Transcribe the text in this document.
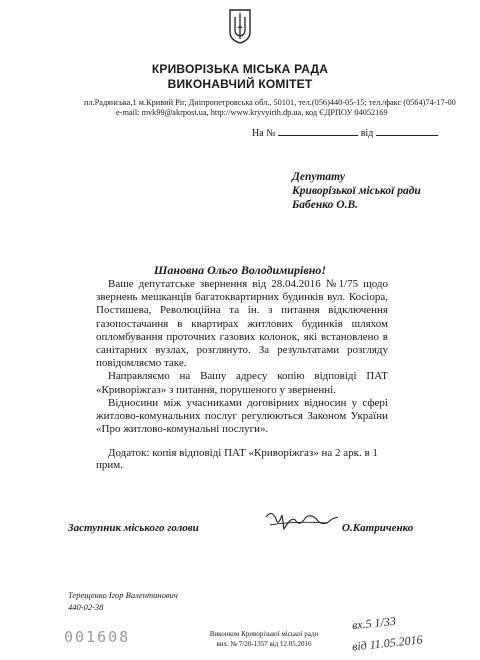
КРИВОРІЗЬКА МІСЬКА РАДА
ВИКОНАВЧИЙ КОМІТЕТ
пл.Радянська,1 м.Кривий Ріг, Дніпропетровська обл., 50101, тел.(056)440-05-15; тел./факс (0564)74-17-00
e-mail: mvk99@akrpost.ua, http://www.kryvyirih.dp.ua, код ЄДРПОУ 04052169
На №	від
Депутату
Криворізької міської ради
Бабенко О.В.
Шановна Ольго Володимирівно!

Ваше депутатське звернення від 28.04.2016 №1/75 щодо звернень мешканців багатоквартирних будинків вул. Косіора, Постишева, Революційна та ін. з питання відключення газопостачання в квартирах житлових будинків шляхом опломбування проточних газових колонок, які встановлено в санітарних вузлах, розглянуто. За результатами розгляду повідомляємо таке.

Направляємо на Вашу адресу копію відповіді ПАТ «Криворіжгаз» з питання, порушеного у зверненні.

Відносини між учасниками договірних відносин у сфері житлово-комунальних послуг регулюються Законом України «Про житлово-комунальні послуги».

Додаток: копія відповіді ПАТ «Криворіжгаз» на 2 арк. в 1 прим.
Заступник міського голови	О.Катриченко
Терещенко Ігор Валентинович
440-02-38
001608	Виконком Криворізької міської ради
вих. № 7/20-1357 від 12.05.2016
вх.5 1/33
від 11.05.2016
